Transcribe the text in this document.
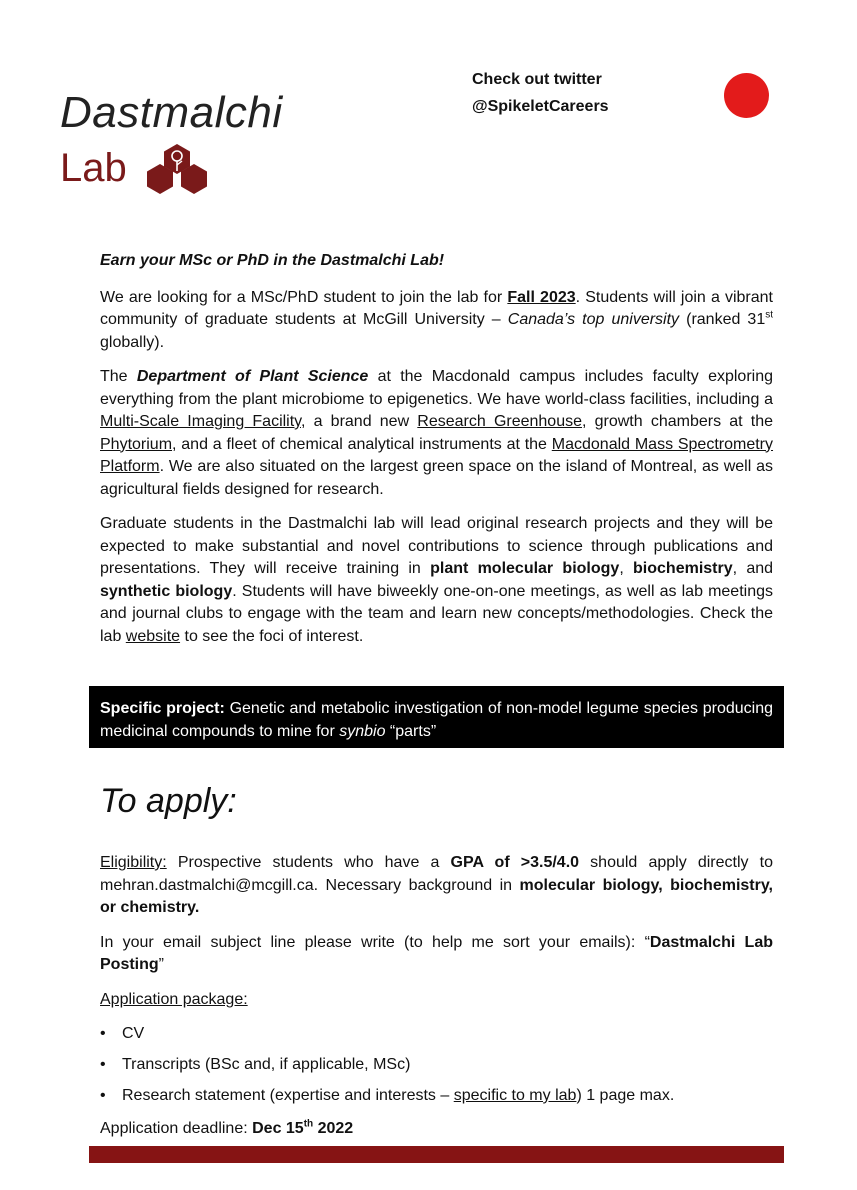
Dastmalchi
Lab
Check out twitter
@SpikeletCareers

Earn your MSc or PhD in the Dastmalchi Lab!

We are looking for a MSc/PhD student to join the lab for Fall 2023. Students will join a vibrant community of graduate students at McGill University – Canada’s top university (ranked 31st globally).

The Department of Plant Science at the Macdonald campus includes faculty exploring everything from the plant microbiome to epigenetics. We have world-class facilities, including a Multi-Scale Imaging Facility, a brand new Research Greenhouse, growth chambers at the Phytorium, and a fleet of chemical analytical instruments at the Macdonald Mass Spectrometry Platform. We are also situated on the largest green space on the island of Montreal, as well as agricultural fields designed for research.

Graduate students in the Dastmalchi lab will lead original research projects and they will be expected to make substantial and novel contributions to science through publications and presentations. They will receive training in plant molecular biology, biochemistry, and synthetic biology. Students will have biweekly one-on-one meetings, as well as lab meetings and journal clubs to engage with the team and learn new concepts/methodologies. Check the lab website to see the foci of interest.

Specific project: Genetic and metabolic investigation of non-model legume species producing medicinal compounds to mine for synbio “parts”
To apply:

Eligibility: Prospective students who have a GPA of >3.5/4.0 should apply directly to mehran.dastmalchi@mcgill.ca. Necessary background in molecular biology, biochemistry, or chemistry.

In your email subject line please write (to help me sort your emails): “Dastmalchi Lab Posting”

Application package:

•	CV
•	Transcripts (BSc and, if applicable, MSc)
•	Research statement (expertise and interests – specific to my lab) 1 page max.

Application deadline: Dec 15th 2022
